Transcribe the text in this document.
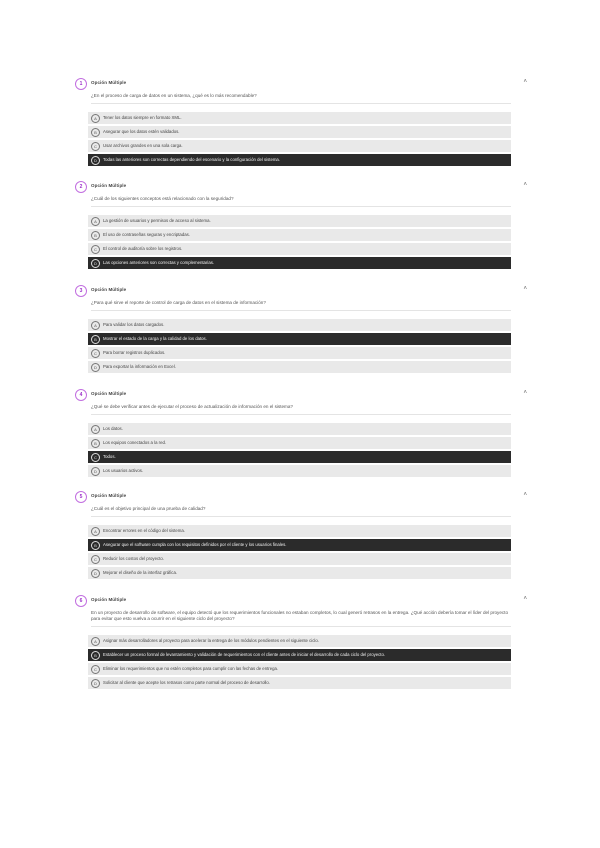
1	Opción Múltiple	˄
¿En el proceso de carga de datos en un sistema, ¿qué es lo más recomendable?
A	Tener los datos siempre en formato XML.
B	Asegurar que los datos estén validados.
C	Usar archivos grandes en una sola carga.
D	Todas las anteriores son correctas dependiendo del escenario y la configuración del sistema.
2	Opción Múltiple	˄
¿Cuál de los siguientes conceptos está relacionado con la seguridad?
A	La gestión de usuarios y permisos de acceso al sistema.
B	El uso de contraseñas seguras y encriptadas.
C	El control de auditoría sobre los registros.
D	Las opciones anteriores son correctas y complementarias.
3	Opción Múltiple	˄
¿Para qué sirve el reporte de control de carga de datos en el sistema de información?
A	Para validar los datos cargados.
B	Mostrar el estado de la carga y la calidad de los datos.
C	Para borrar registros duplicados.
D	Para exportar la información en Excel.
4	Opción Múltiple	˄
¿Qué se debe verificar antes de ejecutar el proceso de actualización de información en el sistema?
A	Los datos.
B	Los equipos conectados a la red.
C	Todos.
D	Los usuarios activos.
5	Opción Múltiple	˄
¿Cuál es el objetivo principal de una prueba de calidad?
A	Encontrar errores en el código del sistema.
B	Asegurar que el software cumpla con los requisitos definidos por el cliente y los usuarios finales.
C	Reducir los costos del proyecto.
D	Mejorar el diseño de la interfaz gráfica.
6	Opción Múltiple	˄
En un proyecto de desarrollo de software, el equipo detectó que los requerimientos funcionales no estaban completos, lo cual generó retrasos en la entrega. ¿Qué acción debería tomar el líder del proyecto para evitar que esto vuelva a ocurrir en el siguiente ciclo del proyecto?
A	Asignar más desarrolladores al proyecto para acelerar la entrega de los módulos pendientes en el siguiente ciclo.
B	Establecer un proceso formal de levantamiento y validación de requerimientos con el cliente antes de iniciar el desarrollo de cada ciclo del proyecto.
C	Eliminar los requerimientos que no estén completos para cumplir con las fechas de entrega.
D	Solicitar al cliente que acepte los retrasos como parte normal del proceso de desarrollo.
